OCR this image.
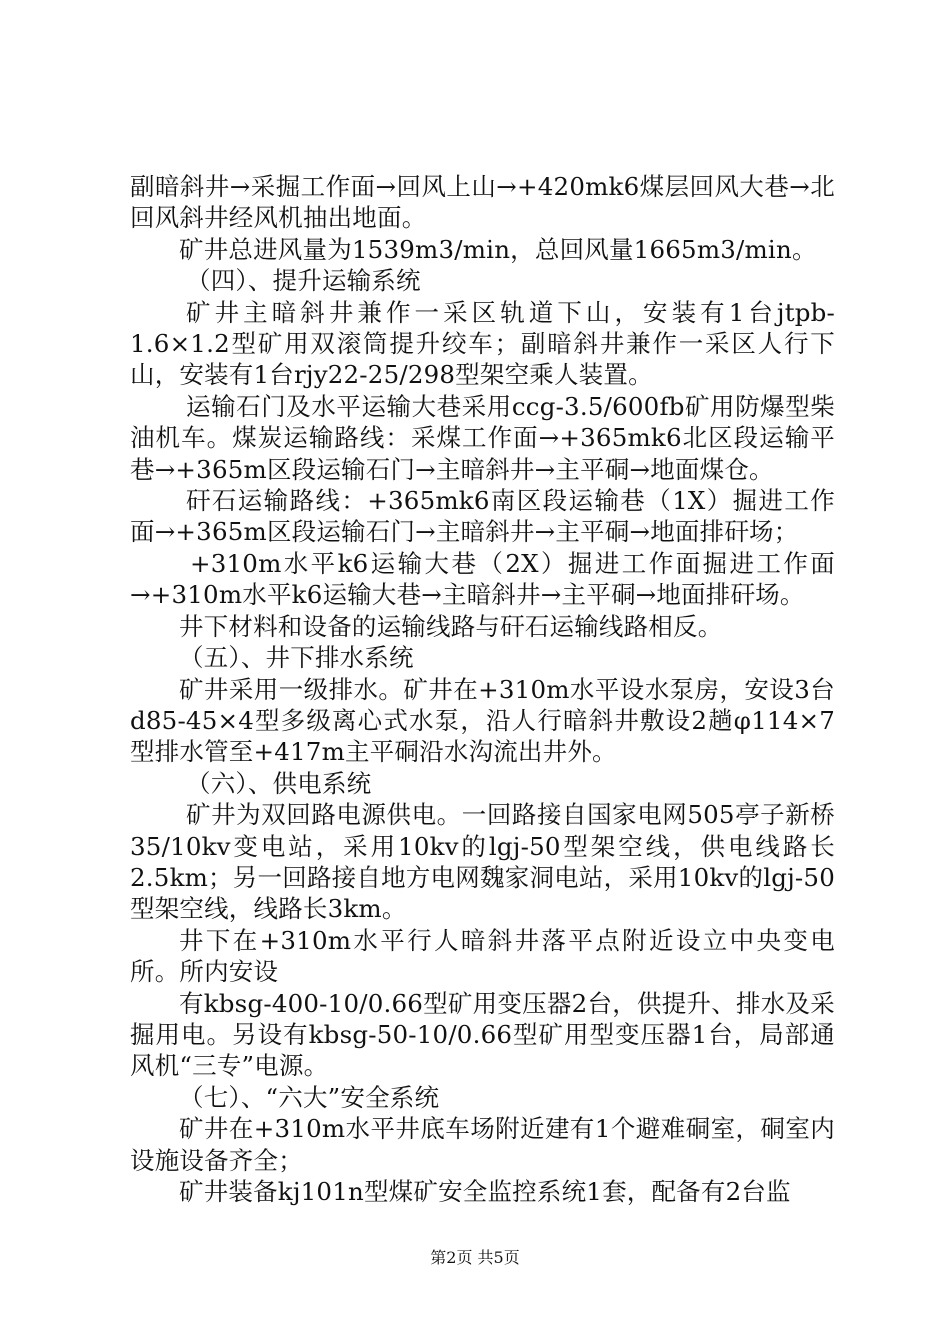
副暗斜井→采掘工作面→回风上山→+420mk6煤层回风大巷→北回风斜井经风机抽出地面。

矿井总进风量为1539m3/min，总回风量1665m3/min。

（四）、提升运输系统

矿井主暗斜井兼作一采区轨道下山，安装有1台jtpb-1.6×1.2型矿用双滚筒提升绞车；副暗斜井兼作一采区人行下山，安装有1台rjy22-25/298型架空乘人装置。

运输石门及水平运输大巷采用ccg-3.5/600fb矿用防爆型柴油机车。煤炭运输路线：采煤工作面→+365mk6北区段运输平巷→+365m区段运输石门→主暗斜井→主平硐→地面煤仓。

矸石运输路线：+365mk6南区段运输巷（1X）掘进工作面→+365m区段运输石门→主暗斜井→主平硐→地面排矸场；

+310m水平k6运输大巷（2X）掘进工作面掘进工作面→+310m水平k6运输大巷→主暗斜井→主平硐→地面排矸场。

井下材料和设备的运输线路与矸石运输线路相反。

（五）、井下排水系统

矿井采用一级排水。矿井在+310m水平设水泵房，安设3台d85-45×4型多级离心式水泵，沿人行暗斜井敷设2趟φ114×7型排水管至+417m主平硐沿水沟流出井外。

（六）、供电系统

矿井为双回路电源供电。一回路接自国家电网505亭子新桥35/10kv变电站，采用10kv的lgj-50型架空线，供电线路长2.5km；另一回路接自地方电网魏家洞电站，采用10kv的lgj-50型架空线，线路长3km。

井下在+310m水平行人暗斜井落平点附近设立中央变电所。所内安设

有kbsg-400-10/0.66型矿用变压器2台，供提升、排水及采掘用电。另设有kbsg-50-10/0.66型矿用型变压器1台，局部通风机“三专”电源。

（七）、“六大”安全系统

矿井在+310m水平井底车场附近建有1个避难硐室，硐室内设施设备齐全；

矿井装备kj101n型煤矿安全监控系统1套，配备有2台监

第2页 共5页
